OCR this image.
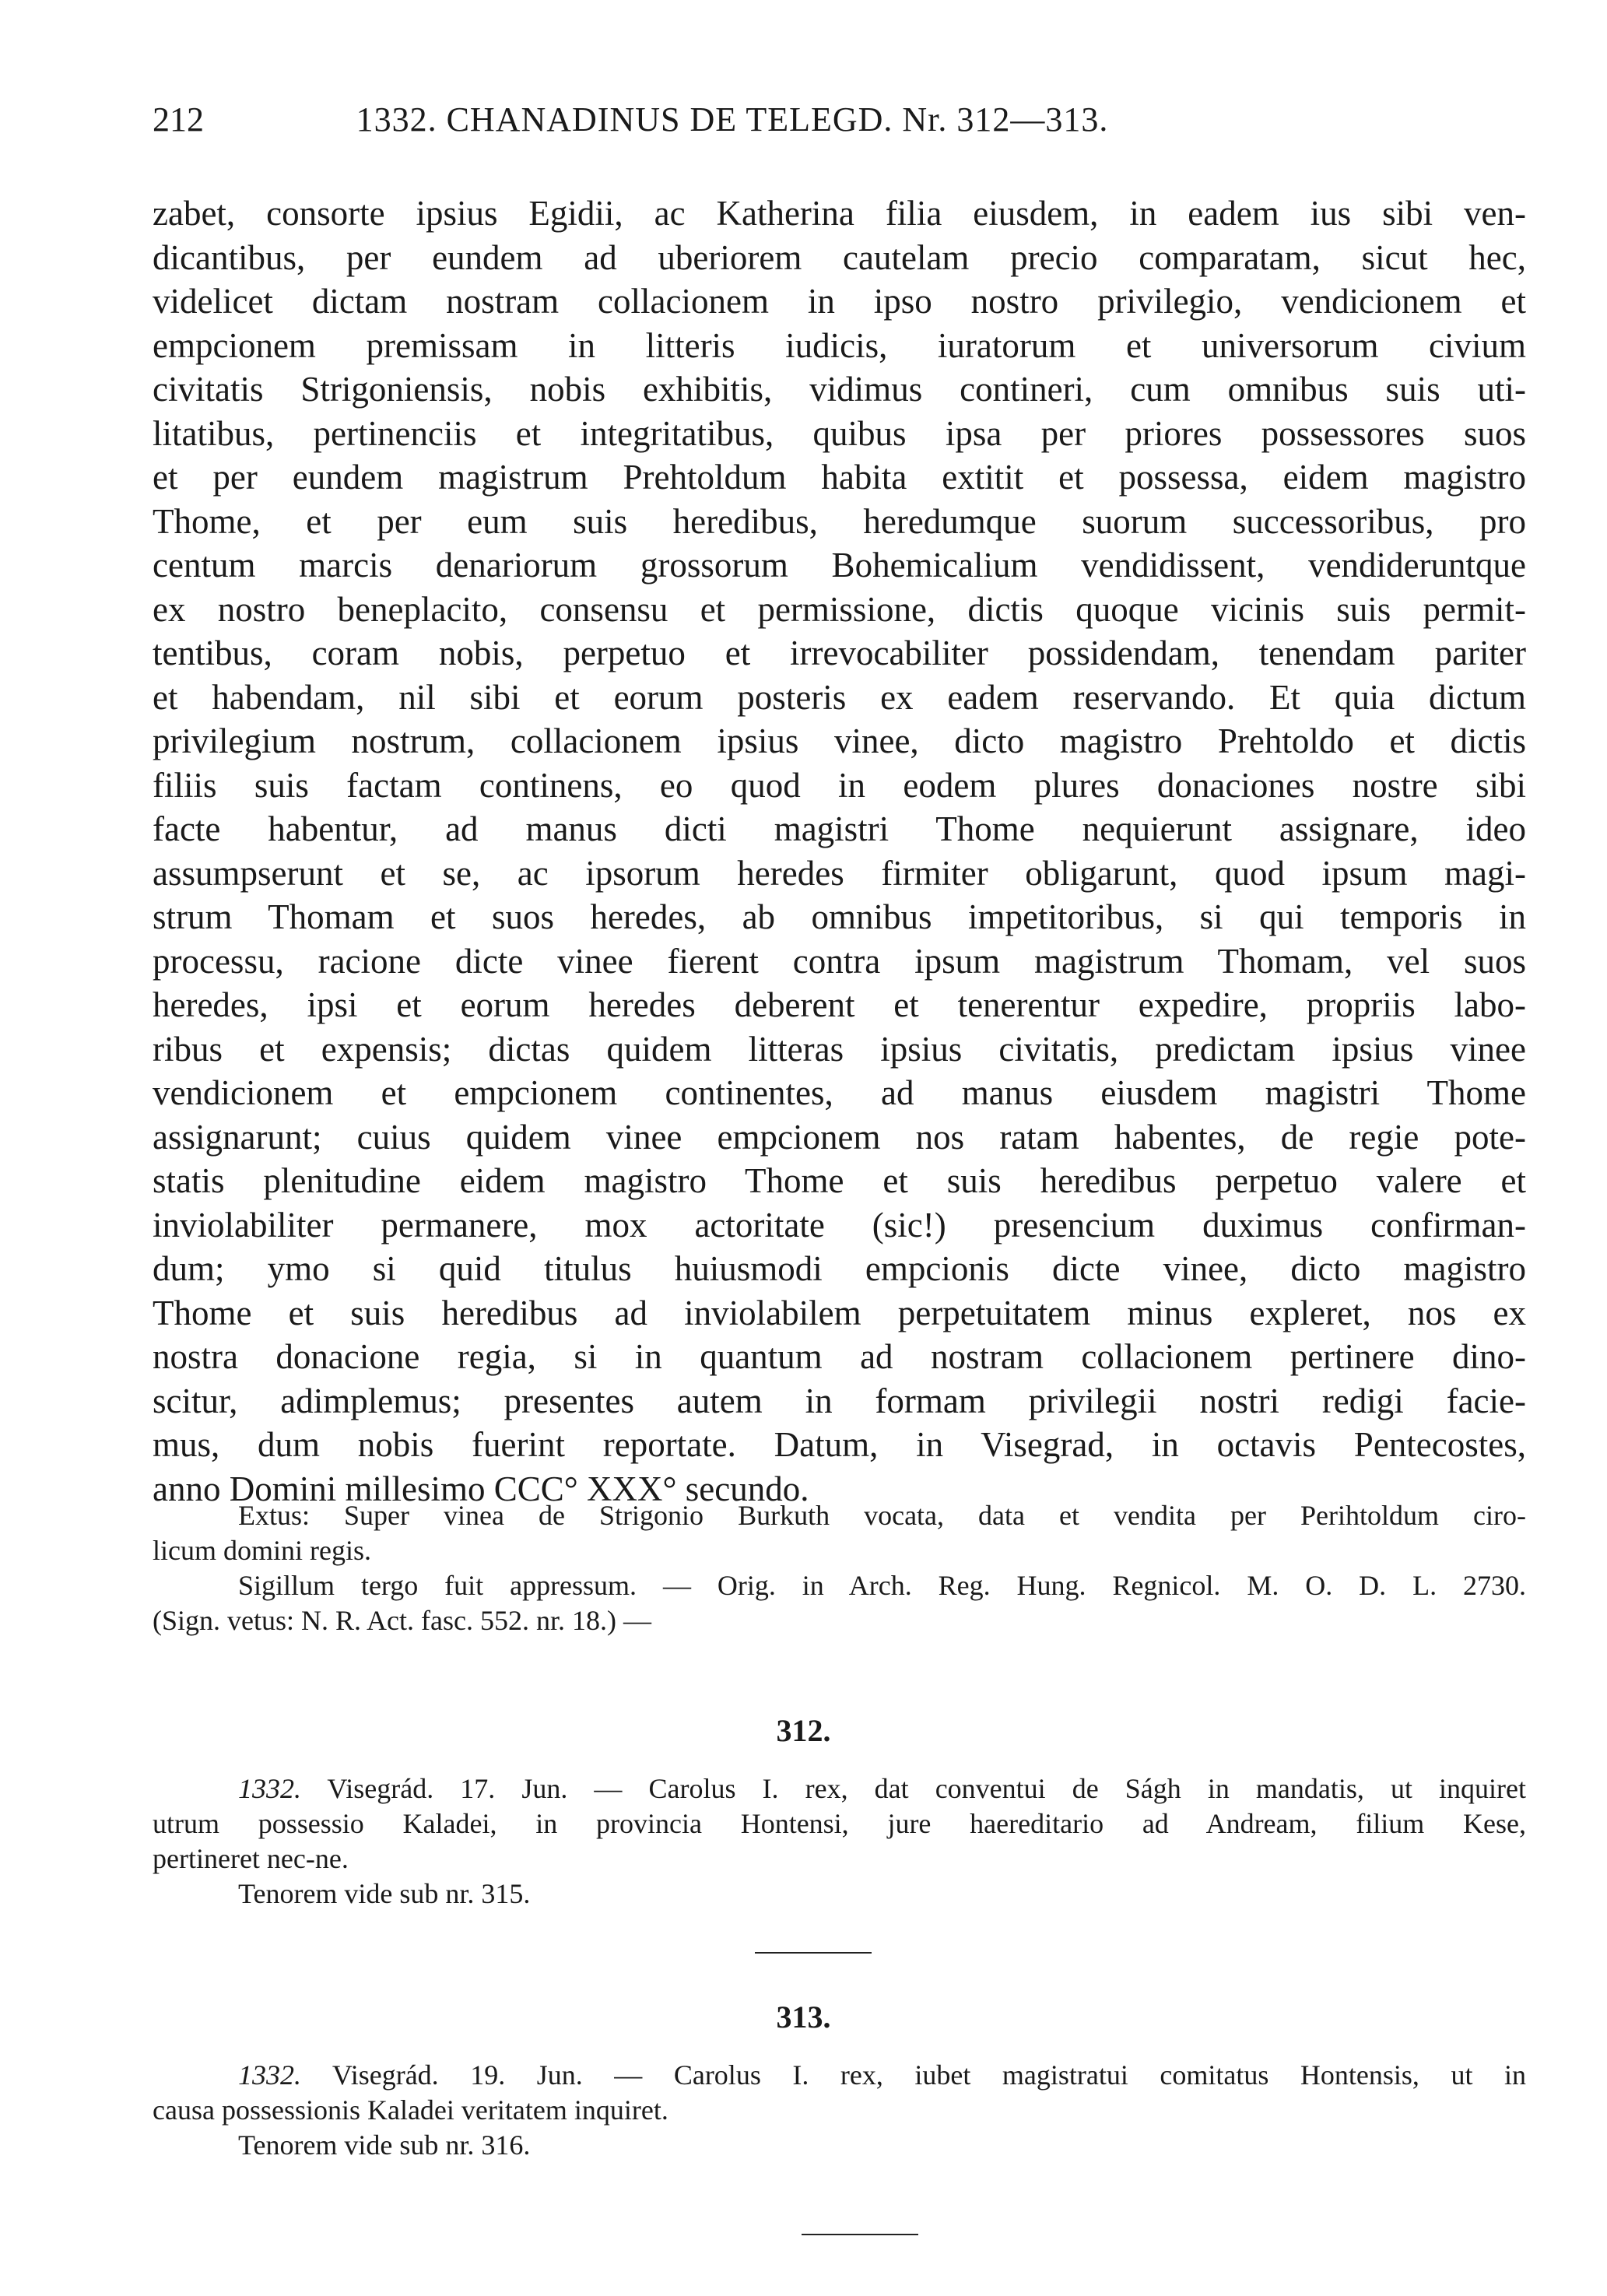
212	1332. CHANADINUS DE TELEGD. Nr. 312—313.
zabet, consorte ipsius Egidii, ac Katherina filia eiusdem, in eadem ius sibi ven-
dicantibus, per eundem ad uberiorem cautelam precio comparatam, sicut hec,
videlicet dictam nostram collacionem in ipso nostro privilegio, vendicionem et
empcionem premissam in litteris iudicis, iuratorum et universorum civium
civitatis Strigoniensis, nobis exhibitis, vidimus contineri, cum omnibus suis uti-
litatibus, pertinenciis et integritatibus, quibus ipsa per priores possessores suos
et per eundem magistrum Prehtoldum habita extitit et possessa, eidem magistro
Thome, et per eum suis heredibus, heredumque suorum successoribus, pro
centum marcis denariorum grossorum Bohemicalium vendidissent, vendideruntque
ex nostro beneplacito, consensu et permissione, dictis quoque vicinis suis permit-
tentibus, coram nobis, perpetuo et irrevocabiliter possidendam, tenendam pariter
et habendam, nil sibi et eorum posteris ex eadem reservando. Et quia dictum
privilegium nostrum, collacionem ipsius vinee, dicto magistro Prehtoldo et dictis
filiis suis factam continens, eo quod in eodem plures donaciones nostre sibi
facte habentur, ad manus dicti magistri Thome nequierunt assignare, ideo
assumpserunt et se, ac ipsorum heredes firmiter obligarunt, quod ipsum magi-
strum Thomam et suos heredes, ab omnibus impetitoribus, si qui temporis in
processu, racione dicte vinee fierent contra ipsum magistrum Thomam, vel suos
heredes, ipsi et eorum heredes deberent et tenerentur expedire, propriis labo-
ribus et expensis; dictas quidem litteras ipsius civitatis, predictam ipsius vinee
vendicionem et empcionem continentes, ad manus eiusdem magistri Thome
assignarunt; cuius quidem vinee empcionem nos ratam habentes, de regie pote-
statis plenitudine eidem magistro Thome et suis heredibus perpetuo valere et
inviolabiliter permanere, mox actoritate (sic!) presencium duximus confirman-
dum; ymo si quid titulus huiusmodi empcionis dicte vinee, dicto magistro
Thome et suis heredibus ad inviolabilem perpetuitatem minus expleret, nos ex
nostra donacione regia, si in quantum ad nostram collacionem pertinere dino-
scitur, adimplemus; presentes autem in formam privilegii nostri redigi facie-
mus, dum nobis fuerint reportate. Datum, in Visegrad, in octavis Pentecostes,
anno Domini millesimo CCC° XXX° secundo.
Extus: Super vinea de Strigonio Burkuth vocata, data et vendita per Perihtoldum ciro-
licum domini regis.
Sigillum tergo fuit appressum. — Orig. in Arch. Reg. Hung. Regnicol. M. O. D. L. 2730.
(Sign. vetus: N. R. Act. fasc. 552. nr. 18.) —
312.
1332. Visegrád. 17. Jun. — Carolus I. rex, dat conventui de Ságh in mandatis, ut inquiret
utrum possessio Kaladei, in provincia Hontensi, jure haereditario ad Andream, filium Kese,
pertineret nec-ne.
Tenorem vide sub nr. 315.
313.
1332. Visegrád. 19. Jun. — Carolus I. rex, iubet magistratui comitatus Hontensis, ut in
causa possessionis Kaladei veritatem inquiret.
Tenorem vide sub nr. 316.
